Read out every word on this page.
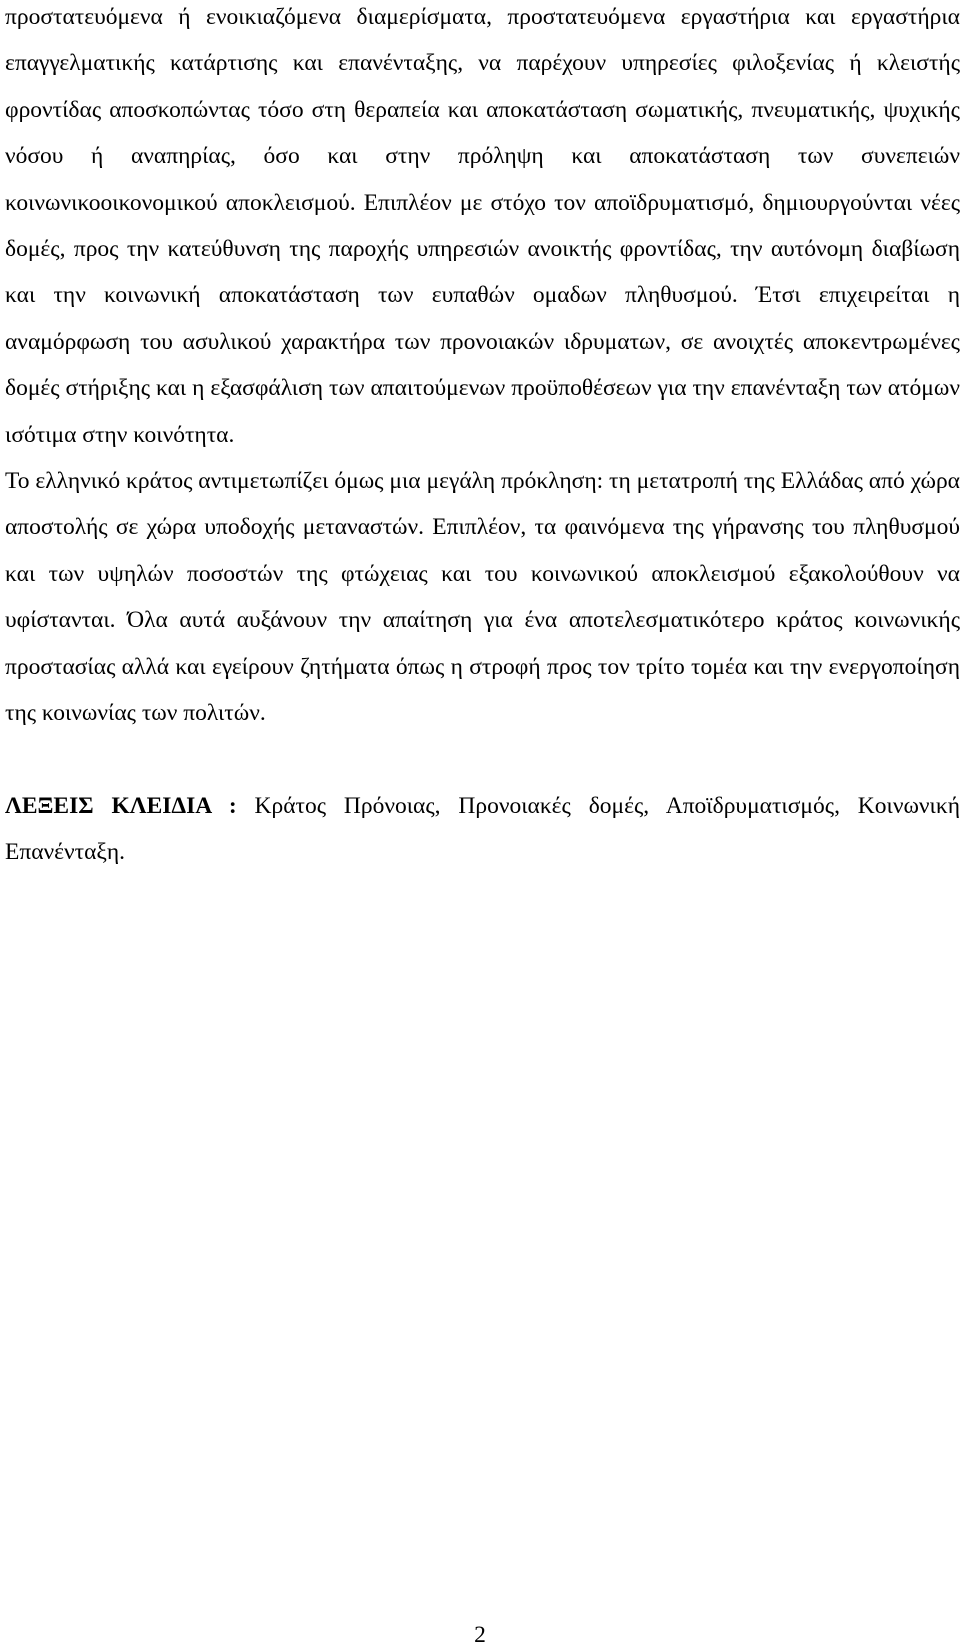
προστατευόμενα ή ενοικιαζόμενα διαμερίσματα, προστατευόμενα εργαστήρια και εργαστήρια επαγγελματικής κατάρτισης και επανένταξης, να παρέχουν υπηρεσίες φιλοξενίας ή κλειστής φροντίδας αποσκοπώντας τόσο στη θεραπεία και αποκατάσταση σωματικής, πνευματικής, ψυχικής νόσου ή αναπηρίας, όσο και στην πρόληψη και αποκατάσταση των συνεπειών κοινωνικοοικονομικού αποκλεισμού. Επιπλέον με στόχο τον αποϊδρυματισμό, δημιουργούνται νέες δομές, προς την κατεύθυνση της παροχής υπηρεσιών ανοικτής φροντίδας, την αυτόνομη διαβίωση και την κοινωνική αποκατάσταση των ευπαθών ομαδων πληθυσμού. Έτσι επιχειρείται η αναμόρφωση του ασυλικού χαρακτήρα των προνοιακών ιδρυματων, σε ανοιχτές αποκεντρωμένες δομές στήριξης και η εξασφάλιση των απαιτούμενων προϋποθέσεων για την επανένταξη των ατόμων ισότιμα στην κοινότητα.

Το ελληνικό κράτος αντιμετωπίζει όμως μια μεγάλη πρόκληση: τη μετατροπή της Ελλάδας από χώρα αποστολής σε χώρα υποδοχής μεταναστών. Επιπλέον, τα φαινόμενα της γήρανσης του πληθυσμού και των υψηλών ποσοστών της φτώχειας και του κοινωνικού αποκλεισμού εξακολούθουν να υφίστανται. Όλα αυτά αυξάνουν την απαίτηση για ένα αποτελεσματικότερο κράτος κοινωνικής προστασίας αλλά και εγείρουν ζητήματα όπως η στροφή προς τον τρίτο τομέα και την ενεργοποίηση της κοινωνίας των πολιτών.

ΛΕΞΕΙΣ ΚΛΕΙΔΙΑ : Κράτος Πρόνοιας, Προνοιακές δομές, Αποϊδρυματισμός, Κοινωνική Επανένταξη.

2
